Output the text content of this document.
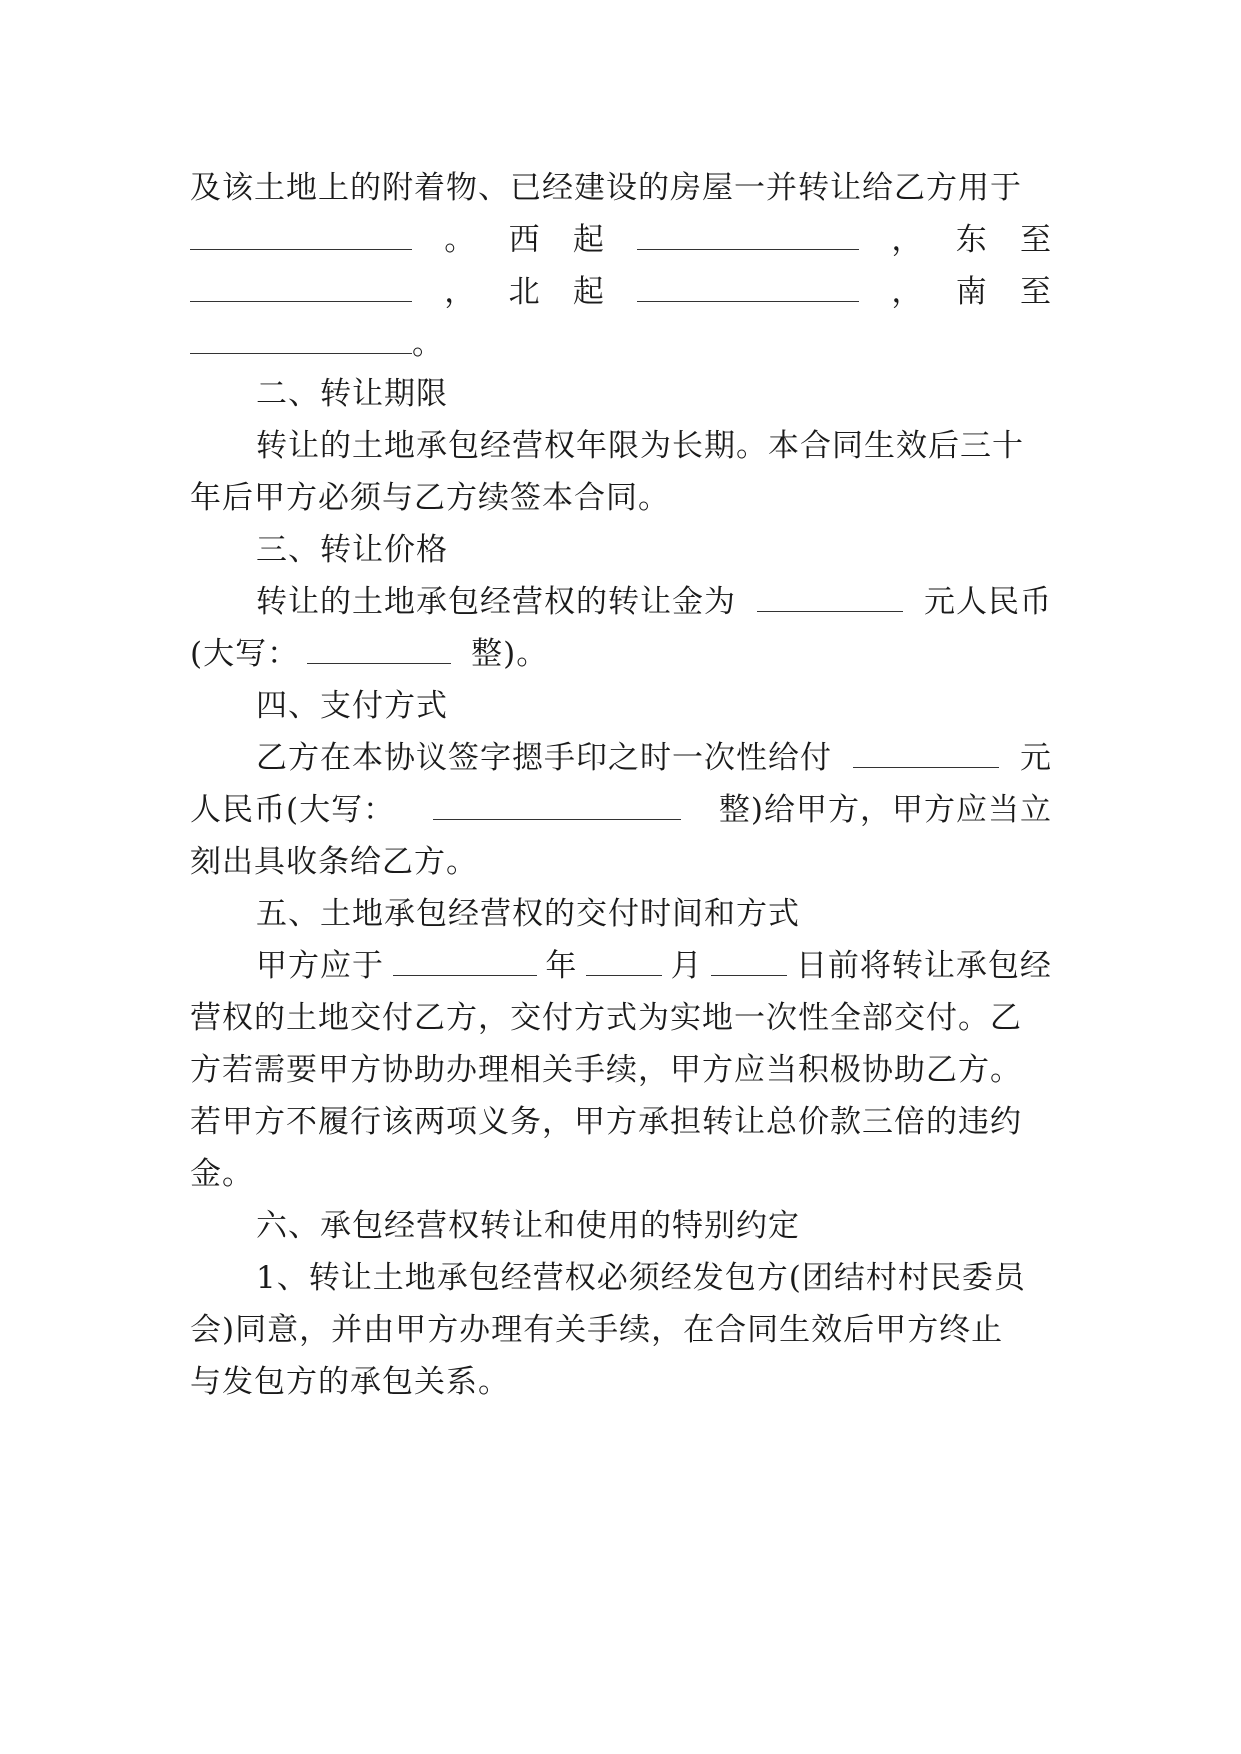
及该土地上的附着物、已经建设的房屋一并转让给乙方用于
。 西 起	， 东 至
， 北 起	， 南 至
。
二、转让期限
转让的土地承包经营权年限为长期。本合同生效后三十
年后甲方必须与乙方续签本合同。
三、转让价格
转让的土地承包经营权的转让金为	元人民币
(大写：	整)。
四、支付方式
乙方在本协议签字摁手印之时一次性给付	元
人民币(大写：	整)给甲方，甲方应当立
刻出具收条给乙方。
五、土地承包经营权的交付时间和方式
甲方应于	年	月	日前将转让承包经
营权的土地交付乙方，交付方式为实地一次性全部交付。乙
方若需要甲方协助办理相关手续，甲方应当积极协助乙方。
若甲方不履行该两项义务，甲方承担转让总价款三倍的违约
金。
六、承包经营权转让和使用的特别约定
1、转让土地承包经营权必须经发包方(团结村村民委员
会)同意，并由甲方办理有关手续，在合同生效后甲方终止
与发包方的承包关系。
